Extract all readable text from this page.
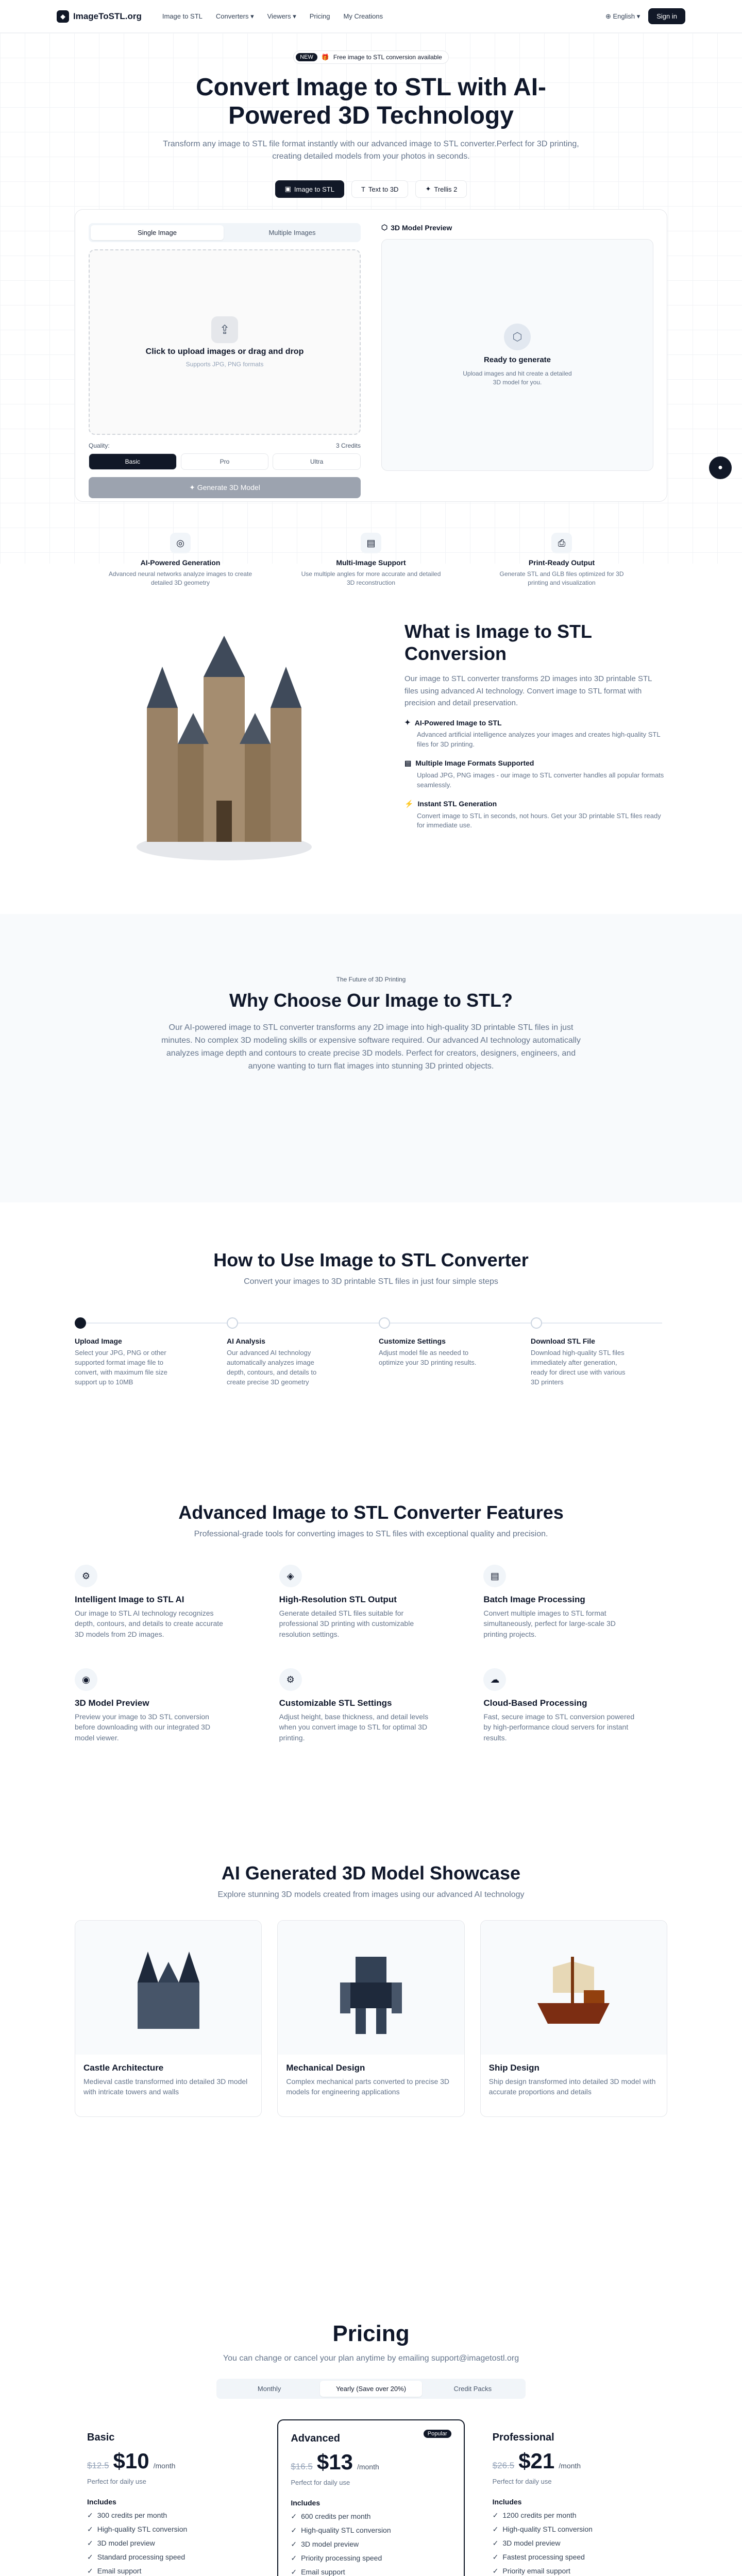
◆ ImageToSTL.org	Image to STL Converters ▾ Viewers ▾ Pricing My Creations	⊕ English ▾	Sign in
●
NEW	🎁 Free image to STL conversion available
Convert Image to STL with AI-Powered 3D Technology

Transform any image to STL file format instantly with our advanced image to STL converter.Perfect for 3D printing, creating detailed models from your photos in seconds.

▣ Image to STL	T Text to 3D	✦ Trellis 2
Single Image	Multiple Images
⇪
Click to upload images or drag and drop
Supports JPG, PNG formats
Quality:	3 Credits
Basic	Pro	Ultra
✦ Generate 3D Model
⬡ 3D Model Preview
⬡
Ready to generate
Upload images and hit create a detailed 3D model for you.
◎
AI-Powered Generation
Advanced neural networks analyze images to create detailed 3D geometry
▤
Multi-Image Support
Use multiple angles for more accurate and detailed 3D reconstruction
⎙
Print-Ready Output
Generate STL and GLB files optimized for 3D printing and visualization
What is Image to STL Conversion

Our image to STL converter transforms 2D images into 3D printable STL files using advanced AI technology. Convert image to STL format with precision and detail preservation.

✦ AI-Powered Image to STL
Advanced artificial intelligence analyzes your images and creates high-quality STL files for 3D printing.
▤ Multiple Image Formats Supported
Upload JPG, PNG images - our image to STL converter handles all popular formats seamlessly.
⚡ Instant STL Generation
Convert image to STL in seconds, not hours. Get your 3D printable STL files ready for immediate use.
The Future of 3D Printing
Why Choose Our Image to STL?

Our AI-powered image to STL converter transforms any 2D image into high-quality 3D printable STL files in just minutes. No complex 3D modeling skills or expensive software required. Our advanced AI technology automatically analyzes image depth and contours to create precise 3D models. Perfect for creators, designers, engineers, and anyone wanting to turn flat images into stunning 3D printed objects.

How to Use Image to STL Converter

Convert your images to 3D printable STL files in just four simple steps

Upload Image
Select your JPG, PNG or other supported format image file to convert, with maximum file size support up to 10MB
AI Analysis
Our advanced AI technology automatically analyzes image depth, contours, and details to create precise 3D geometry
Customize Settings
Adjust model file as needed to optimize your 3D printing results.
Download STL File
Download high-quality STL files immediately after generation, ready for direct use with various 3D printers
Advanced Image to STL Converter Features

Professional-grade tools for converting images to STL files with exceptional quality and precision.

⚙
Intelligent Image to STL AI
Our image to STL AI technology recognizes depth, contours, and details to create accurate 3D models from 2D images.
◈
High-Resolution STL Output
Generate detailed STL files suitable for professional 3D printing with customizable resolution settings.
▤
Batch Image Processing
Convert multiple images to STL format simultaneously, perfect for large-scale 3D printing projects.
◉
3D Model Preview
Preview your image to 3D STL conversion before downloading with our integrated 3D model viewer.
⚙
Customizable STL Settings
Adjust height, base thickness, and detail levels when you convert image to STL for optimal 3D printing.
☁
Cloud-Based Processing
Fast, secure image to STL conversion powered by high-performance cloud servers for instant results.
AI Generated 3D Model Showcase

Explore stunning 3D models created from images using our advanced AI technology

Castle Architecture
Medieval castle transformed into detailed 3D model with intricate towers and walls
Mechanical Design
Complex mechanical parts converted to precise 3D models for engineering applications
Ship Design
Ship design transformed into detailed 3D model with accurate proportions and details
Pricing

You can change or cancel your plan anytime by emailing support@imagetostl.org

Monthly	Yearly (Save over 20%)	Credit Packs
Basic
$12.5 $10 /month
Perfect for daily use
Includes
✓ 300 credits per month
✓ High-quality STL conversion
✓ 3D model preview
✓ Standard processing speed
✓ Email support
Popular
Advanced
$16.5 $13 /month
Perfect for daily use
Includes
✓ 600 credits per month
✓ High-quality STL conversion
✓ 3D model preview
✓ Priority processing speed
✓ Email support
Professional
$26.5 $21 /month
Perfect for daily use
Includes
✓ 1200 credits per month
✓ High-quality STL conversion
✓ 3D model preview
✓ Fastest processing speed
✓ Priority email support
